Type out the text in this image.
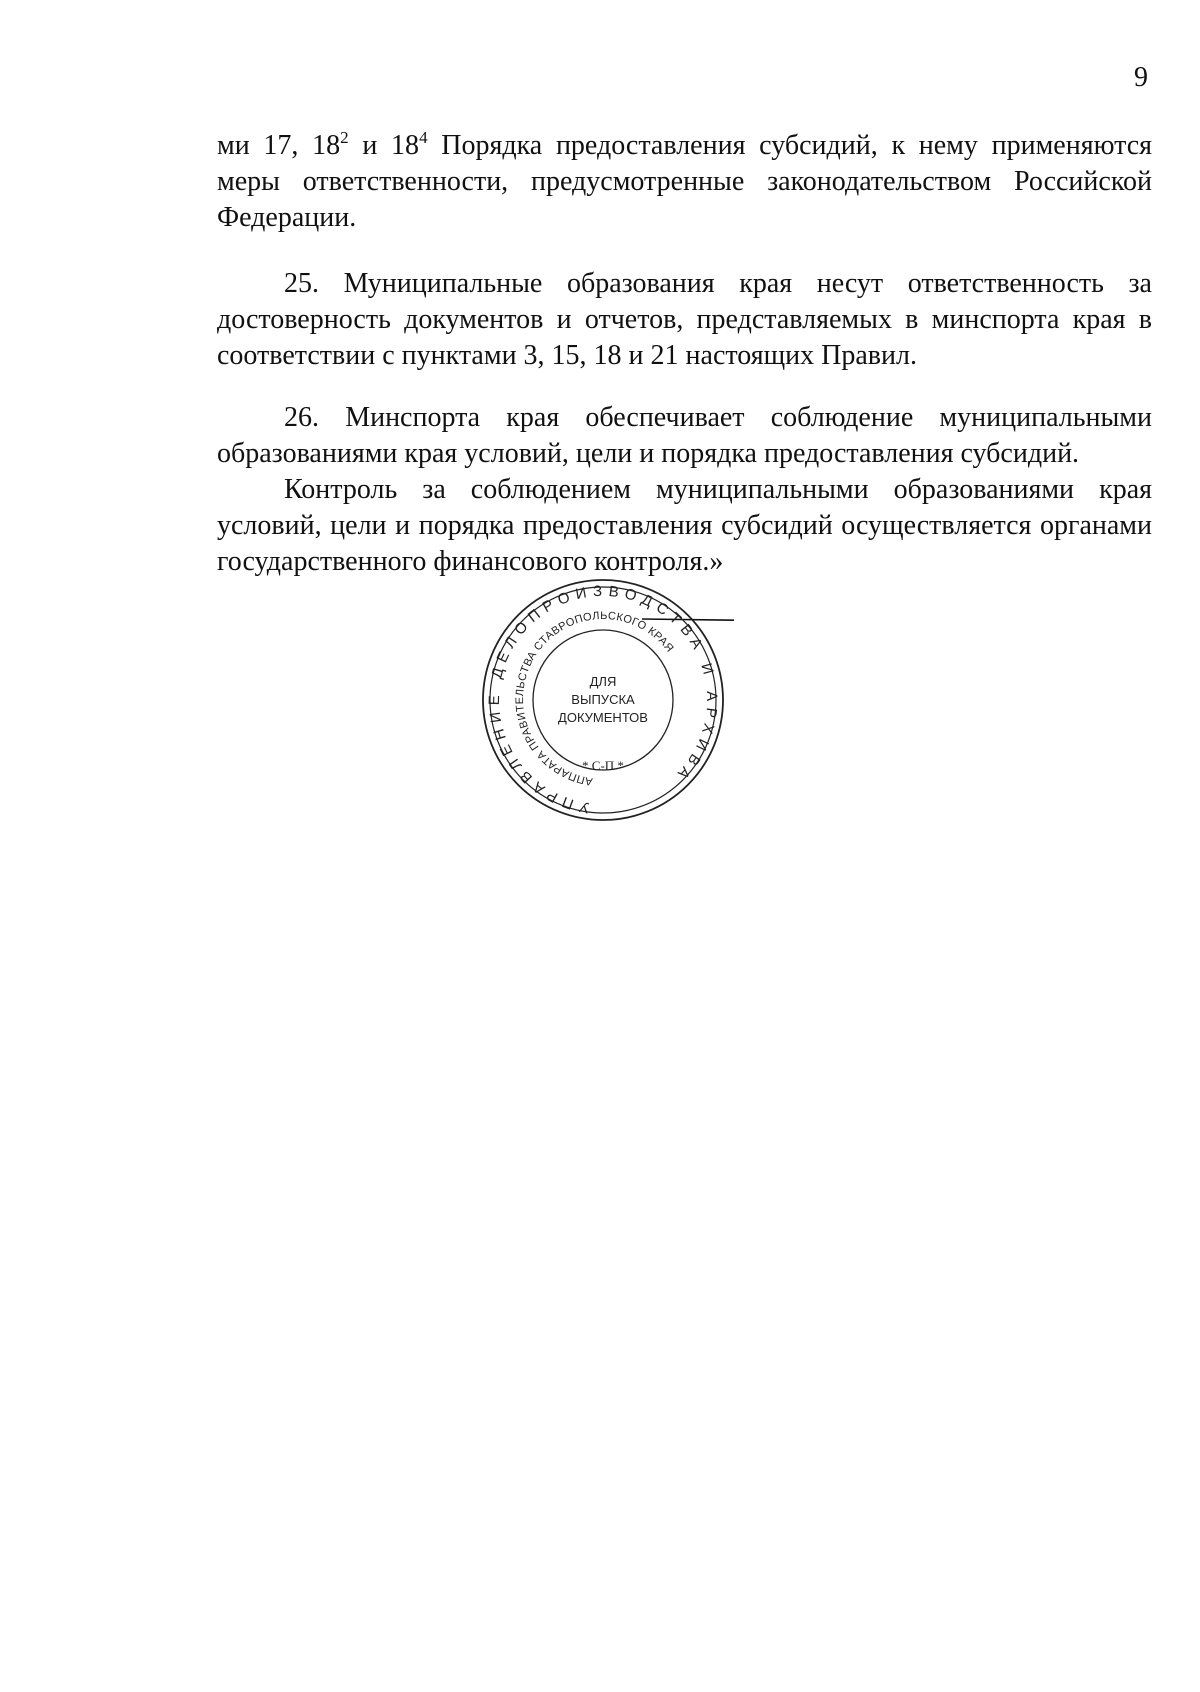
9

ми 17, $18^2$ и $18^4$ Порядка предоставления субсидий, к нему применяются меры ответственности, предусмотренные законодательством Российской Федерации.

25. Муниципальные образования края несут ответственность за достоверность документов и отчетов, представляемых в минспорта края в соответствии с пунктами 3, 15, 18 и 21 настоящих Правил.

26. Минспорта края обеспечивает соблюдение муниципальными образованиями края условий, цели и порядка предоставления субсидий.

Контроль за соблюдением муниципальными образованиями края условий, цели и порядка предоставления субсидий осуществляется органами государственного финансового контроля.»

УПРАВЛЕНИЕ ДЕЛОПРОИЗВОДСТВА И АРХИВА
АППАРАТА ПРАВИТЕЛЬСТВА СТАВРОПОЛЬСКОГО КРАЯ
ДЛЯ
ВЫПУСКА
ДОКУМЕНТОВ
* С-П *
